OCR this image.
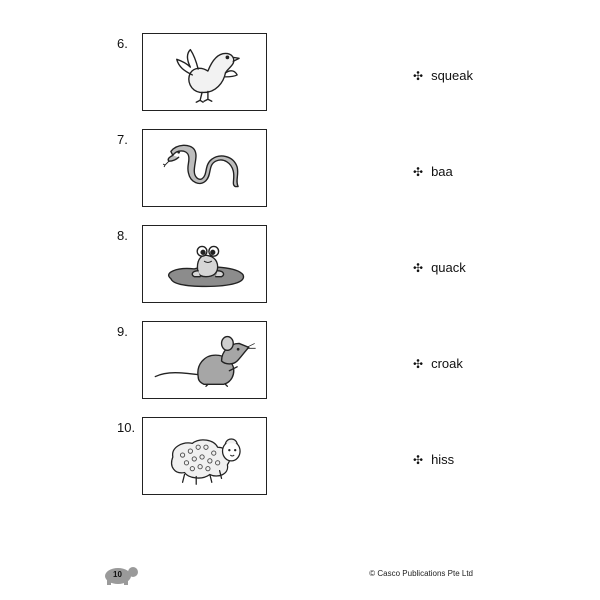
6.
✣ squeak
7.
✣ baa
8.
✣ quack
9.
✣ croak
10.
✣ hiss
10	© Casco Publications Pte Ltd
